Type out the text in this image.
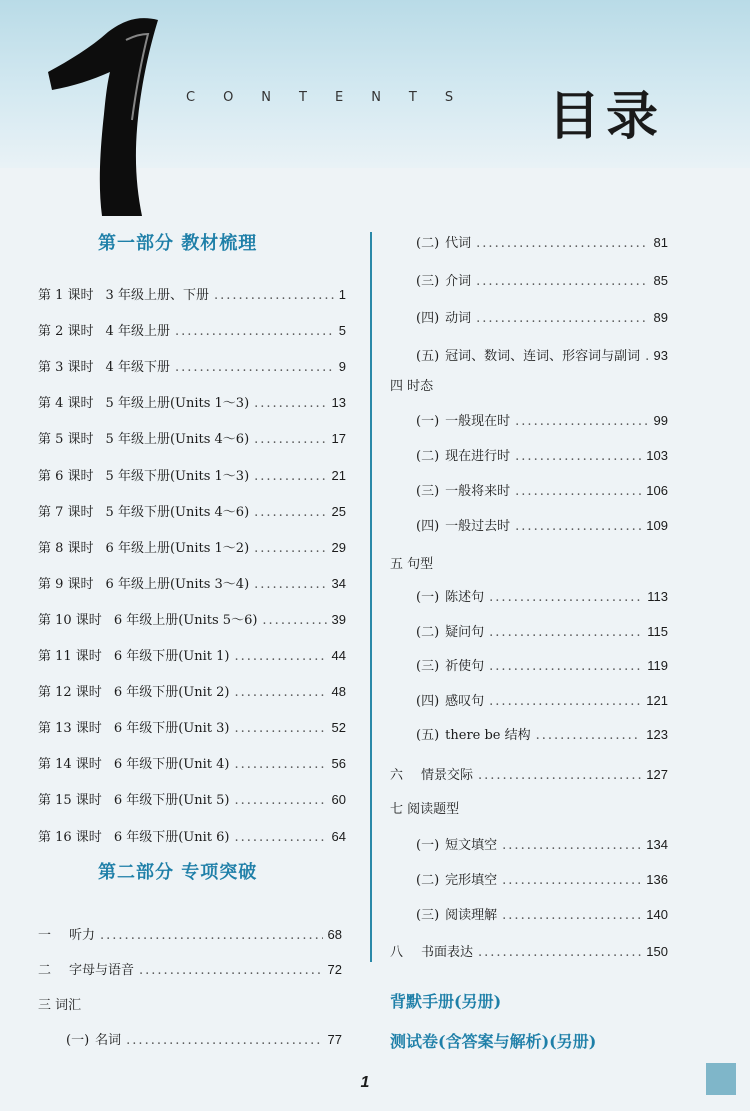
CONTENTS 目录
第一部分 教材梳理
第 1 课时 3 年级上册、下册 .....	1
第 2 课时 4 年级上册 .....	5
第 3 课时 4 年级下册 .....	9
第 4 课时 5 年级上册(Units 1～3) .....	13
第 5 课时 5 年级上册(Units 4～6) .....	17
第 6 课时 5 年级下册(Units 1～3) .....	21
第 7 课时 5 年级下册(Units 4～6) .....	25
第 8 课时 6 年级上册(Units 1～2) .....	29
第 9 课时 6 年级上册(Units 3～4) .....	34
第 10 课时 6 年级上册(Units 5～6) .....	39
第 11 课时 6 年级下册(Unit 1) .....	44
第 12 课时 6 年级下册(Unit 2) .....	48
第 13 课时 6 年级下册(Unit 3) .....	52
第 14 课时 6 年级下册(Unit 4) .....	56
第 15 课时 6 年级下册(Unit 5) .....	60
第 16 课时 6 年级下册(Unit 6) .....	64
第二部分 专项突破
一 听力 .....	68
二 字母与语音 .....	72
三 词汇
(一) 名词 .....	77
(二) 代词 .....	81
(三) 介词 .....	85
(四) 动词 .....	89
(五) 冠词、数词、连词、形容词与副词 ..... 93
四 时态
(一) 一般现在时 .....	99
(二) 现在进行时 .....	103
(三) 一般将来时 .....	106
(四) 一般过去时 .....	109
五 句型
(一) 陈述句 .....	113
(二) 疑问句 .....	115
(三) 祈使句 .....	119
(四) 感叹句 .....	121
(五) there be 结构 .....	123
六 情景交际 .....	127
七 阅读题型
(一) 短文填空 .....	134
(二) 完形填空 .....	136
(三) 阅读理解 .....	140
八 书面表达 .....	150
背默手册(另册)
测试卷(含答案与解析)(另册)
1
